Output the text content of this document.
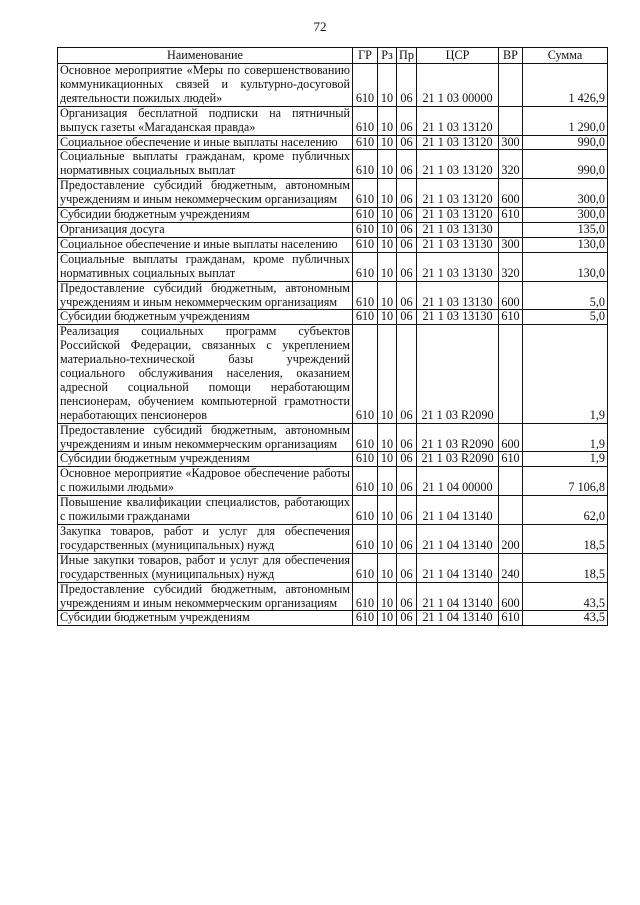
72
Наименование	ГР	Рз	Пр	ЦСР	ВР	Сумма
Основное мероприятие «Меры по совершенствованию коммуникационных связей и культурно-досуговой деятельности пожилых людей»	610	10	06	21 1 03 00000		1 426,9
Организация бесплатной подписки на пятничный выпуск газеты «Магаданская правда»	610	10	06	21 1 03 13120		1 290,0
Социальное обеспечение и иные выплаты населению	610	10	06	21 1 03 13120	300	990,0
Социальные выплаты гражданам, кроме публичных нормативных социальных выплат	610	10	06	21 1 03 13120	320	990,0
Предоставление субсидий бюджетным, автономным учреждениям и иным некоммерческим организациям	610	10	06	21 1 03 13120	600	300,0
Субсидии бюджетным учреждениям	610	10	06	21 1 03 13120	610	300,0
Организация досуга	610	10	06	21 1 03 13130		135,0
Социальное обеспечение и иные выплаты населению	610	10	06	21 1 03 13130	300	130,0
Социальные выплаты гражданам, кроме публичных нормативных социальных выплат	610	10	06	21 1 03 13130	320	130,0
Предоставление субсидий бюджетным, автономным учреждениям и иным некоммерческим организациям	610	10	06	21 1 03 13130	600	5,0
Субсидии бюджетным учреждениям	610	10	06	21 1 03 13130	610	5,0
Реализация социальных программ субъектов Российской Федерации, связанных с укреплением материально-технической базы учреждений социального обслуживания населения, оказанием адресной социальной помощи неработающим пенсионерам, обучением компьютерной грамотности неработающих пенсионеров	610	10	06	21 1 03 R2090		1,9
Предоставление субсидий бюджетным, автономным учреждениям и иным некоммерческим организациям	610	10	06	21 1 03 R2090	600	1,9
Субсидии бюджетным учреждениям	610	10	06	21 1 03 R2090	610	1,9
Основное мероприятие «Кадровое обеспечение работы с пожилыми людьми»	610	10	06	21 1 04 00000		7 106,8
Повышение квалификации специалистов, работающих с пожилыми гражданами	610	10	06	21 1 04 13140		62,0
Закупка товаров, работ и услуг для обеспечения государственных (муниципальных) нужд	610	10	06	21 1 04 13140	200	18,5
Иные закупки товаров, работ и услуг для обеспечения государственных (муниципальных) нужд	610	10	06	21 1 04 13140	240	18,5
Предоставление субсидий бюджетным, автономным учреждениям и иным некоммерческим организациям	610	10	06	21 1 04 13140	600	43,5
Субсидии бюджетным учреждениям	610	10	06	21 1 04 13140	610	43,5
